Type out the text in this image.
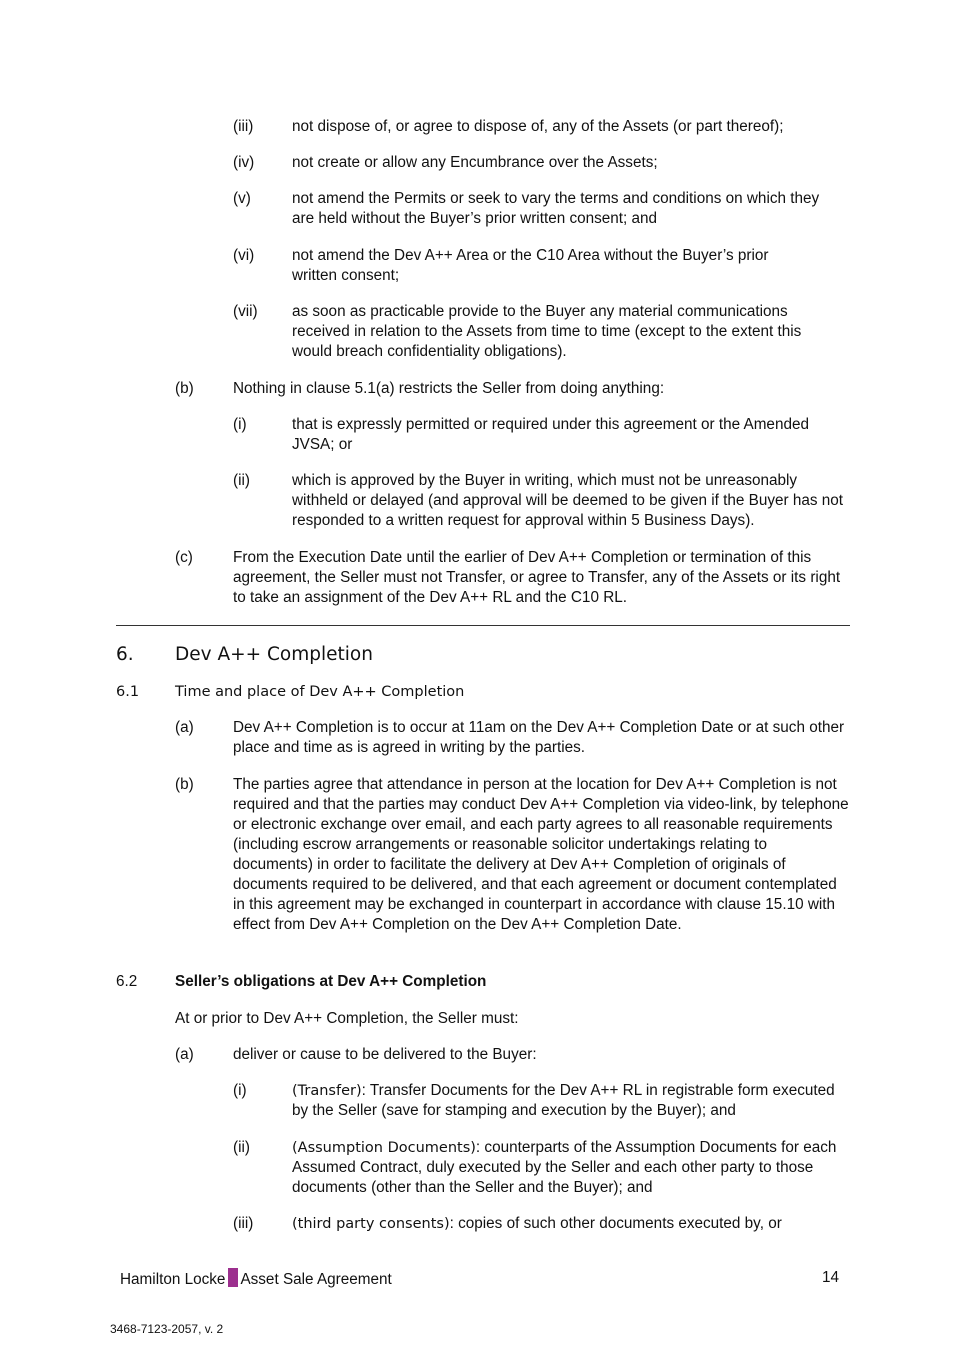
(iii)	not dispose of, or agree to dispose of, any of the Assets (or part thereof);
(iv) not create or allow any Encumbrance over the Assets;
(v)	not amend the Permits or seek to vary the terms and conditions on which they are held without the Buyer’s prior written consent; and
(vi) not amend the Dev A++ Area or the C10 Area without the Buyer’s prior written consent;
(vii) as soon as practicable provide to the Buyer any material communications received in relation to the Assets from time to time (except to the extent this would breach confidentiality obligations).
(b)	Nothing in clause 5.1(a) restricts the Seller from doing anything:
(i)	that is expressly permitted or required under this agreement or the Amended JVSA; or
(ii)	which is approved by the Buyer in writing, which must not be unreasonably withheld or delayed (and approval will be deemed to be given if the Buyer has not responded to a written request for approval within 5 Business Days).
(c)	From the Execution Date until the earlier of Dev A++ Completion or termination of this agreement, the Seller must not Transfer, or agree to Transfer, any of the Assets or its right to take an assignment of the Dev A++ RL and the C10 RL.
6. Dev A++ Completion
6.1 Time and place of Dev A++ Completion
(a)	Dev A++ Completion is to occur at 11am on the Dev A++ Completion Date or at such other place and time as is agreed in writing by the parties.
(b)	The parties agree that attendance in person at the location for Dev A++ Completion is not required and that the parties may conduct Dev A++ Completion via video-link, by telephone or electronic exchange over email, and each party agrees to all reasonable requirements (including escrow arrangements or reasonable solicitor undertakings relating to documents) in order to facilitate the delivery at Dev A++ Completion of originals of documents required to be delivered, and that each agreement or document contemplated in this agreement may be exchanged in counterpart in accordance with clause 15.10 with effect from Dev A++ Completion on the Dev A++ Completion Date.
6.2 Seller’s obligations at Dev A++ Completion
At or prior to Dev A++ Completion, the Seller must:
(a)	deliver or cause to be delivered to the Buyer:
(i)	(Transfer): Transfer Documents for the Dev A++ RL in registrable form executed by the Seller (save for stamping and execution by the Buyer); and
(ii)	(Assumption Documents): counterparts of the Assumption Documents for each Assumed Contract, duly executed by the Seller and each other party to those documents (other than the Seller and the Buyer); and
(iii)	(third party consents): copies of such other documents executed by, or
Hamilton Locke Asset Sale Agreement	14
3468-7123-2057, v. 2
